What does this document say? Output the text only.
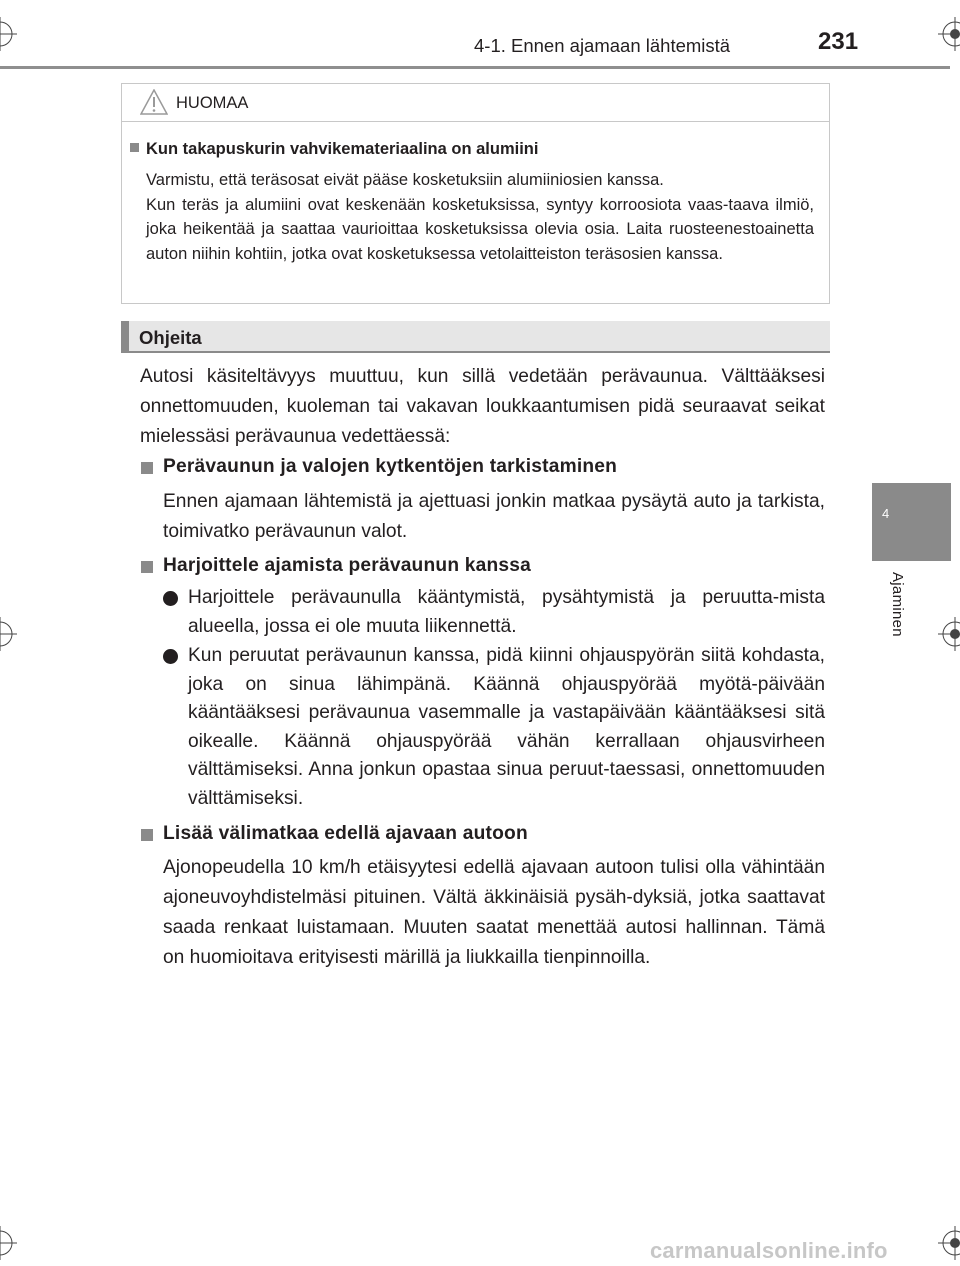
4-1. Ennen ajamaan lähtemistä	231
4
Ajaminen
HUOMAA
Kun takapuskurin vahvikemateriaalina on alumiini

Varmistu, että teräsosat eivät pääse kosketuksiin alumiiniosien kanssa.

Kun teräs ja alumiini ovat keskenään kosketuksissa, syntyy korroosiota vaas-taava ilmiö, joka heikentää ja saattaa vaurioittaa kosketuksissa olevia osia. Laita ruosteenestoainetta auton niihin kohtiin, jotka ovat kosketuksessa vetolaitteiston teräsosien kanssa.

Ohjeita
Autosi käsiteltävyys muuttuu, kun sillä vedetään perävaunua. Välttääksesi onnettomuuden, kuoleman tai vakavan loukkaantumisen pidä seuraavat seikat mielessäsi perävaunua vedettäessä:
Perävaunun ja valojen kytkentöjen tarkistaminen
Ennen ajamaan lähtemistä ja ajettuasi jonkin matkaa pysäytä auto ja tarkista, toimivatko perävaunun valot.
Harjoittele ajamista perävaunun kanssa
Harjoittele perävaunulla kääntymistä, pysähtymistä ja peruutta-mista alueella, jossa ei ole muuta liikennettä.
Kun peruutat perävaunun kanssa, pidä kiinni ohjauspyörän siitä kohdasta, joka on sinua lähimpänä. Käännä ohjauspyörää myötä-päivään kääntääksesi perävaunua vasemmalle ja vastapäivään kääntääksesi sitä oikealle. Käännä ohjauspyörää vähän kerrallaan ohjausvirheen välttämiseksi. Anna jonkun opastaa sinua peruut-taessasi, onnettomuuden välttämiseksi.
Lisää välimatkaa edellä ajavaan autoon
Ajonopeudella 10 km/h etäisyytesi edellä ajavaan autoon tulisi olla vähintään ajoneuvoyhdistelmäsi pituinen. Vältä äkkinäisiä pysäh-dyksiä, jotka saattavat saada renkaat luistamaan. Muuten saatat menettää autosi hallinnan. Tämä on huomioitava erityisesti märillä ja liukkailla tienpinnoilla.
carmanualsonline.info
